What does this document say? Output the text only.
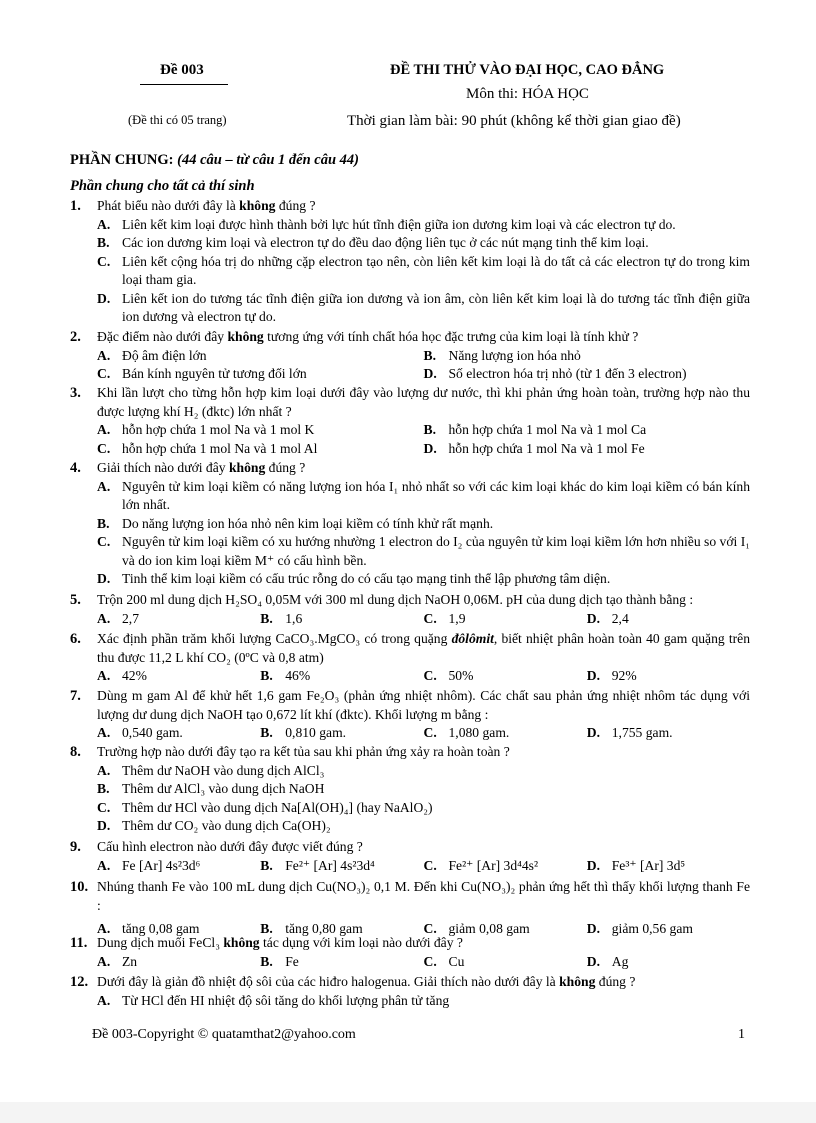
Đề 003
(Đề thi có 05 trang)
ĐỀ THI THỬ VÀO ĐẠI HỌC, CAO ĐẲNG
Môn thi: HÓA HỌC
Thời gian làm bài: 90 phút (không kể thời gian giao đề)
PHẦN CHUNG: (44 câu – từ câu 1 đến câu 44)
Phần chung cho tất cả thí sinh
1. Phát biểu nào dưới đây là không đúng ?
A. Liên kết kim loại được hình thành bởi lực hút tĩnh điện giữa ion dương kim loại và các electron tự do.
B. Các ion dương kim loại và electron tự do đều dao động liên tục ở các nút mạng tinh thể kim loại.
C. Liên kết cộng hóa trị do những cặp electron tạo nên, còn liên kết kim loại là do tất cả các electron tự do trong kim loại tham gia.
D. Liên kết ion do tương tác tĩnh điện giữa ion dương và ion âm, còn liên kết kim loại là do tương tác tĩnh điện giữa ion dương và electron tự do.
2. Đặc điểm nào dưới đây không tương ứng với tính chất hóa học đặc trưng của kim loại là tính khử ?
A. Độ âm điện lớn	B. Năng lượng ion hóa nhỏ
C. Bán kính nguyên tử tương đối lớn	D. Số electron hóa trị nhỏ (từ 1 đến 3 electron)
3.	Khi lần lượt cho từng hỗn hợp kim loại dưới đây vào lượng dư nước, thì khi phản ứng hoàn toàn, trường hợp nào thu được lượng khí H₂ (đktc) lớn nhất ?
A. hỗn hợp chứa 1 mol Na và 1 mol K	B. hỗn hợp chứa 1 mol Na và 1 mol Ca
C. hỗn hợp chứa 1 mol Na và 1 mol Al	D. hỗn hợp chứa 1 mol Na và 1 mol Fe
4. Giải thích nào dưới đây không đúng ?
A. Nguyên tử kim loại kiềm có năng lượng ion hóa I₁ nhỏ nhất so với các kim loại khác do kim loại kiềm có bán kính lớn nhất.
B. Do năng lượng ion hóa nhỏ nên kim loại kiềm có tính khử rất mạnh.
C. Nguyên tử kim loại kiềm có xu hướng nhường 1 electron do I₂ của nguyên tử kim loại kiềm lớn hơn nhiều so với I₁ và do ion kim loại kiềm M⁺ có cấu hình bền.
D. Tinh thể kim loại kiềm có cấu trúc rỗng do có cấu tạo mạng tinh thể lập phương tâm diện.
5. Trộn 200 ml dung dịch H₂SO₄ 0,05M với 300 ml dung dịch NaOH 0,06M. pH của dung dịch tạo thành bằng :
A. 2,7	B. 1,6	C. 1,9	D. 2,4
6.	Xác định phần trăm khối lượng CaCO₃.MgCO₃ có trong quặng đôlômit, biết nhiệt phân hoàn toàn 40 gam quặng trên thu được 11,2 L khí CO₂ (0ºC và 0,8 atm)
A. 42%	B. 46%	C. 50%	D. 92%
7.	Dùng m gam Al để khử hết 1,6 gam Fe₂O₃ (phản ứng nhiệt nhôm). Các chất sau phản ứng nhiệt nhôm tác dụng với lượng dư dung dịch NaOH tạo 0,672 lít khí (đktc). Khối lượng m bằng :
A. 0,540 gam.	B. 0,810 gam.	C. 1,080 gam.	D. 1,755 gam.
8. Trường hợp nào dưới đây tạo ra kết tủa sau khi phản ứng xảy ra hoàn toàn ?
A. Thêm dư NaOH vào dung dịch AlCl₃
B. Thêm dư AlCl₃ vào dung dịch NaOH
C. Thêm dư HCl vào dung dịch Na[Al(OH)₄] (hay NaAlO₂)
D. Thêm dư CO₂ vào dung dịch Ca(OH)₂
9. Cấu hình electron nào dưới đây được viết đúng ?
A. Fe [Ar] 4s²3d⁶	B. Fe²⁺ [Ar] 4s²3d⁴	C. Fe²⁺ [Ar] 3d⁴4s²	D. Fe³⁺ [Ar] 3d⁵
10. Nhúng thanh Fe vào 100 mL dung dịch Cu(NO₃)₂ 0,1 M. Đến khi Cu(NO₃)₂ phản ứng hết thì thấy khối lượng thanh Fe :
A. tăng 0,08 gam	B. tăng 0,80 gam	C. giảm 0,08 gam	D. giảm 0,56 gam
11. Dung dịch muối FeCl₃ không tác dụng với kim loại nào dưới đây ?
A. Zn	B. Fe	C. Cu	D. Ag
12. Dưới đây là giản đồ nhiệt độ sôi của các hiđro halogenua. Giải thích nào dưới đây là không đúng ?
A. Từ HCl đến HI nhiệt độ sôi tăng do khối lượng phân tử tăng
Đề 003-Copyright © quatamthat2@yahoo.com	1
